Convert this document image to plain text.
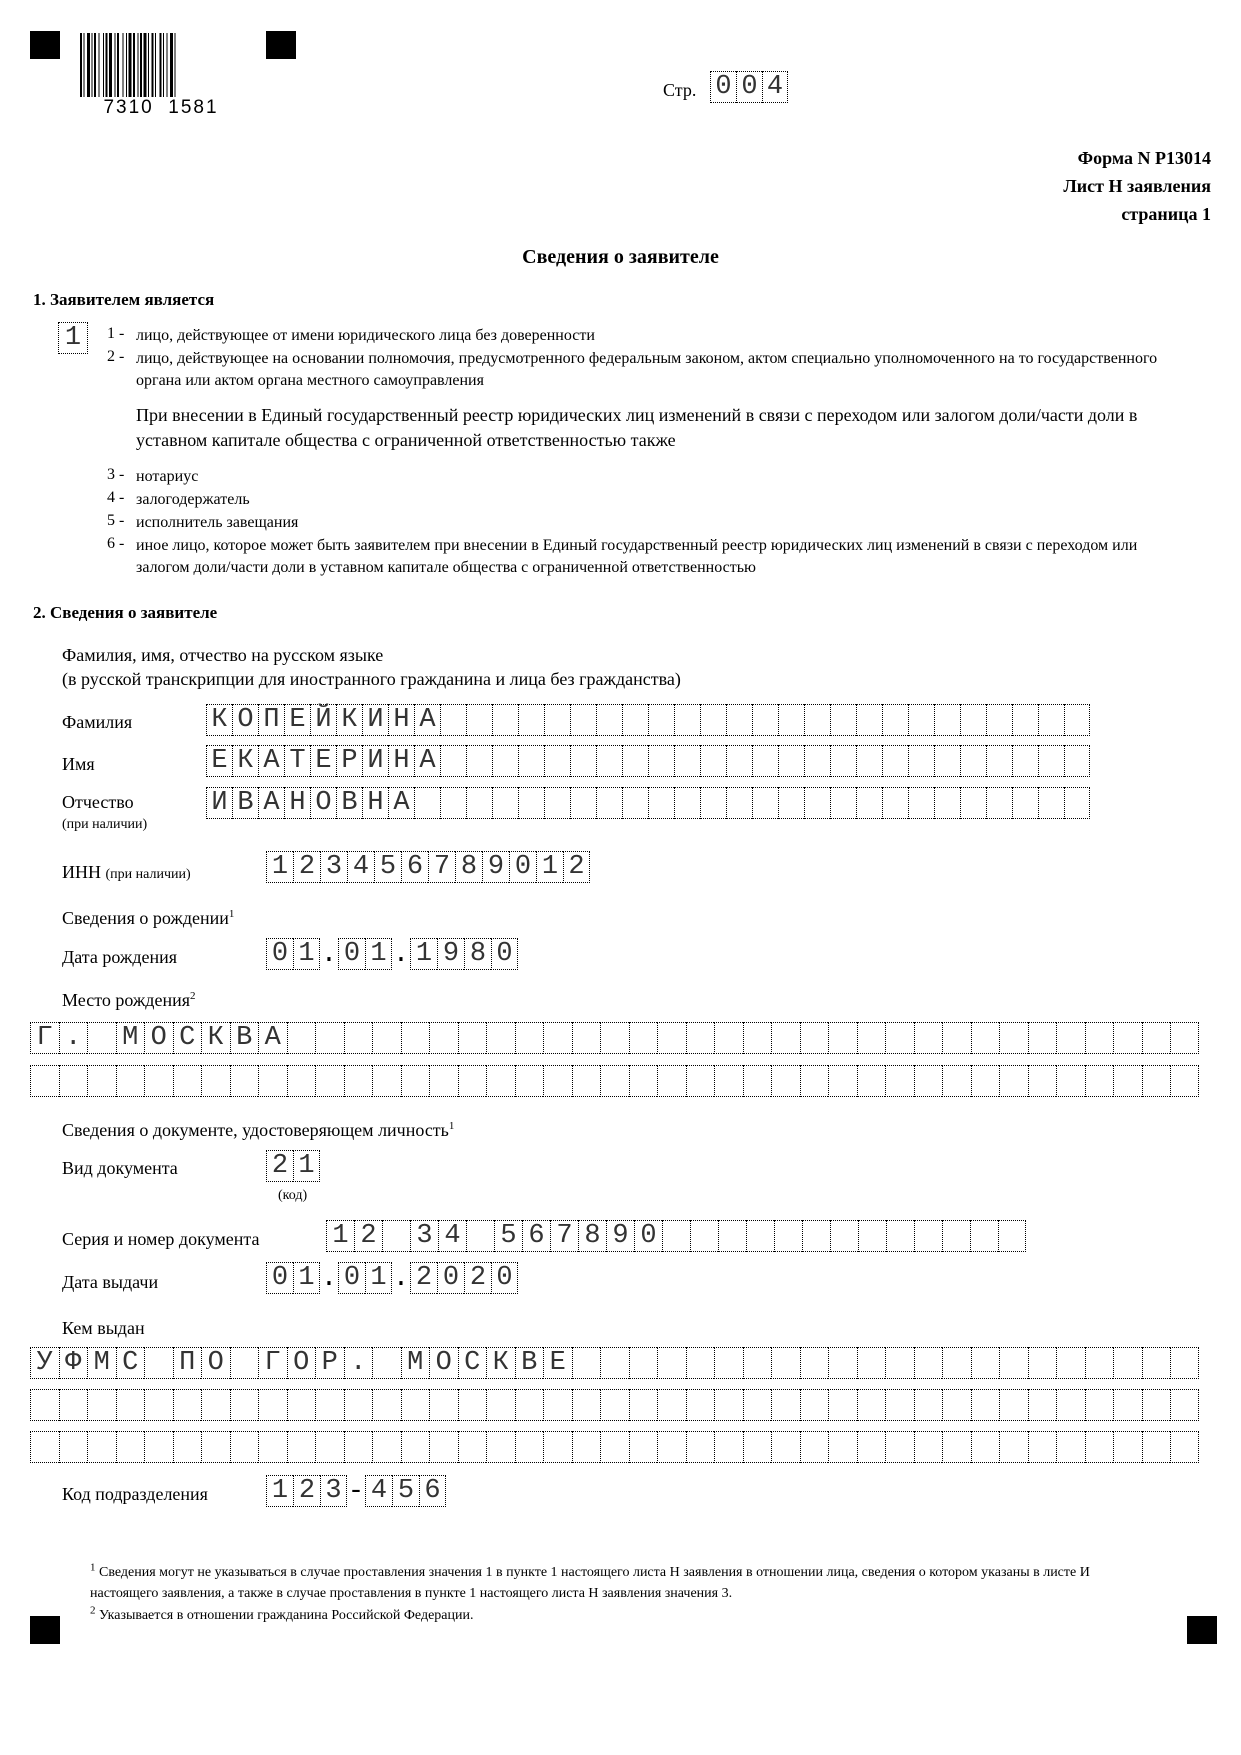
7310 1581
Стр. 0 0 4
Форма N Р13014
Лист Н заявления
страница 1
Сведения о заявителе
1. Заявителем является
1	1 - лицо, действующее от имени юридического лица без доверенности
2 - лицо, действующее на основании полномочия, предусмотренного федеральным законом, актом специально уполномоченного на то государственного органа или актом органа местного самоуправления
При внесении в Единый государственный реестр юридических лиц изменений в связи с переходом или залогом доли/части доли в уставном капитале общества с ограниченной ответственностью также
3 - нотариус
4 - залогодержатель
5 - исполнитель завещания
6 - иное лицо, которое может быть заявителем при внесении в Единый государственный реестр юридических лиц изменений в связи с переходом или залогом доли/части доли в уставном капитале общества с ограниченной ответственностью
2. Сведения о заявителе
Фамилия, имя, отчество на русском языке
(в русской транскрипции для иностранного гражданина и лица без гражданства)
Фамилия	К О П Е Й К И Н А
Имя	Е К А Т Е Р И Н А
Отчество
(при наличии)
И В А Н О В Н А
ИНН (при наличии)	1 2 3 4 5 6 7 8 9 0 1 2
Сведения о рождении$^1$
Дата рождения	0 1 . 0 1 . 1 9 8 0
Место рождения$^2$
Г . М О С К В А
Сведения о документе, удостоверяющем личность$^1$
Вид документа	2 1
(код)
Серия и номер документа	1 2 3 4 5 6 7 8 9 0
Дата выдачи	0 1 . 0 1 . 2 0 2 0
Кем выдан
У Ф М С П О Г О Р . М О С К В Е
Код подразделения 1 2 3 - 4 5 6
$^1$ Сведения могут не указываться в случае проставления значения 1 в пункте 1 настоящего листа Н заявления в отношении лица, сведения о котором указаны в листе И настоящего заявления, а также в случае проставления в пункте 1 настоящего листа Н заявления значения 3.
$^2$ Указывается в отношении гражданина Российской Федерации.
